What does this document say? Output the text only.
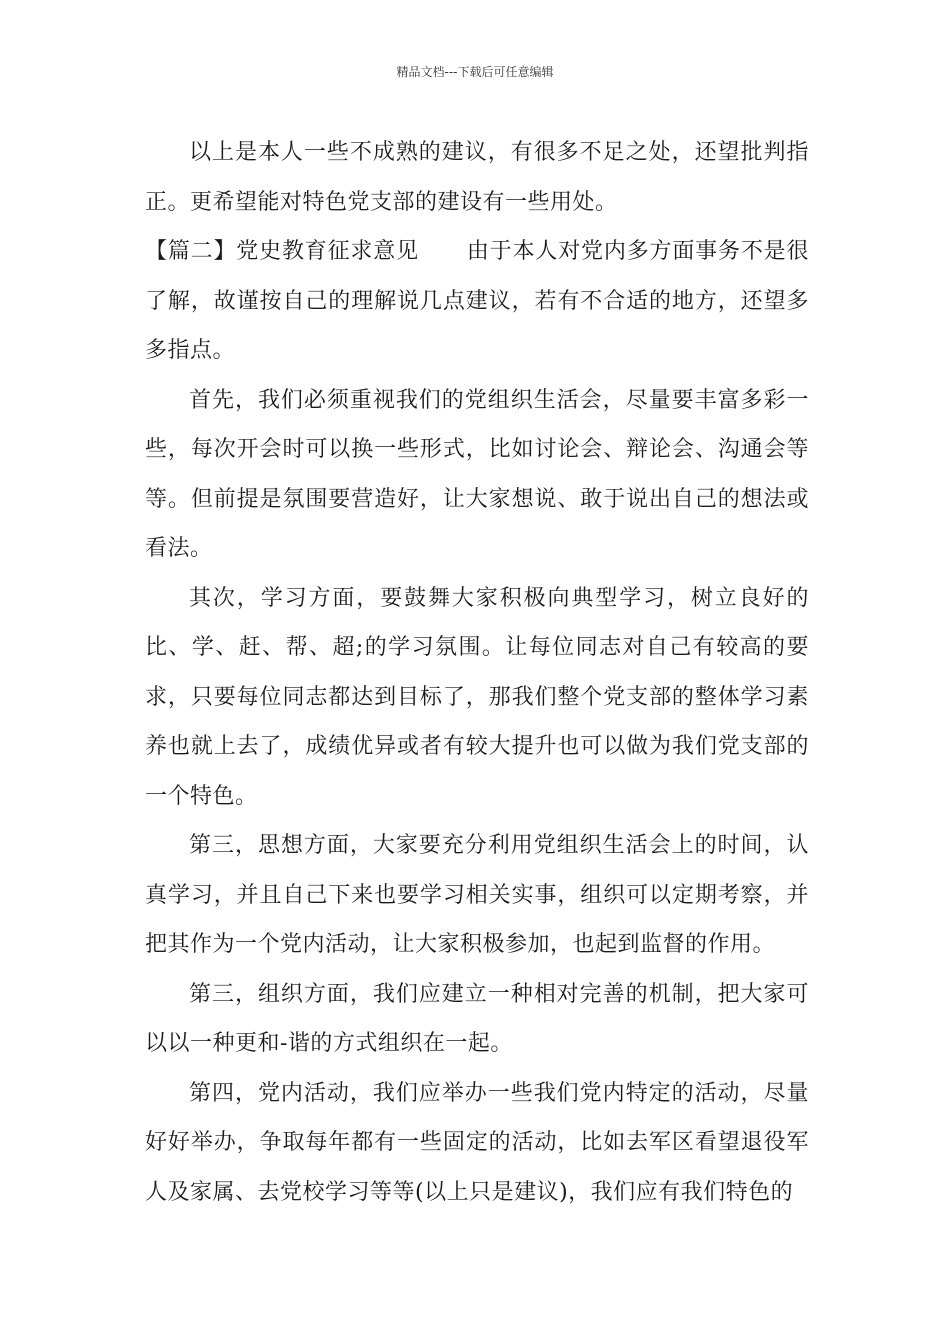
精品文档---下载后可任意编辑

以上是本人一些不成熟的建议，有很多不足之处，还望批判指正。更希望能对特色党支部的建设有一些用处。

【篇二】党史教育征求意见 由于本人对党内多方面事务不是很了解，故谨按自己的理解说几点建议，若有不合适的地方，还望多多指点。

首先，我们必须重视我们的党组织生活会，尽量要丰富多彩一些，每次开会时可以换一些形式，比如讨论会、辩论会、沟通会等等。但前提是氛围要营造好，让大家想说、敢于说出自己的想法或看法。

其次，学习方面，要鼓舞大家积极向典型学习，树立良好的比、学、赶、帮、超;的学习氛围。让每位同志对自己有较高的要求，只要每位同志都达到目标了，那我们整个党支部的整体学习素养也就上去了，成绩优异或者有较大提升也可以做为我们党支部的一个特色。

第三，思想方面，大家要充分利用党组织生活会上的时间，认真学习，并且自己下来也要学习相关实事，组织可以定期考察，并把其作为一个党内活动，让大家积极参加，也起到监督的作用。

第三，组织方面，我们应建立一种相对完善的机制，把大家可以以一种更和-谐的方式组织在一起。

第四，党内活动，我们应举办一些我们党内特定的活动，尽量好好举办，争取每年都有一些固定的活动，比如去军区看望退役军人及家属、去党校学习等等(以上只是建议)，我们应有我们特色的
